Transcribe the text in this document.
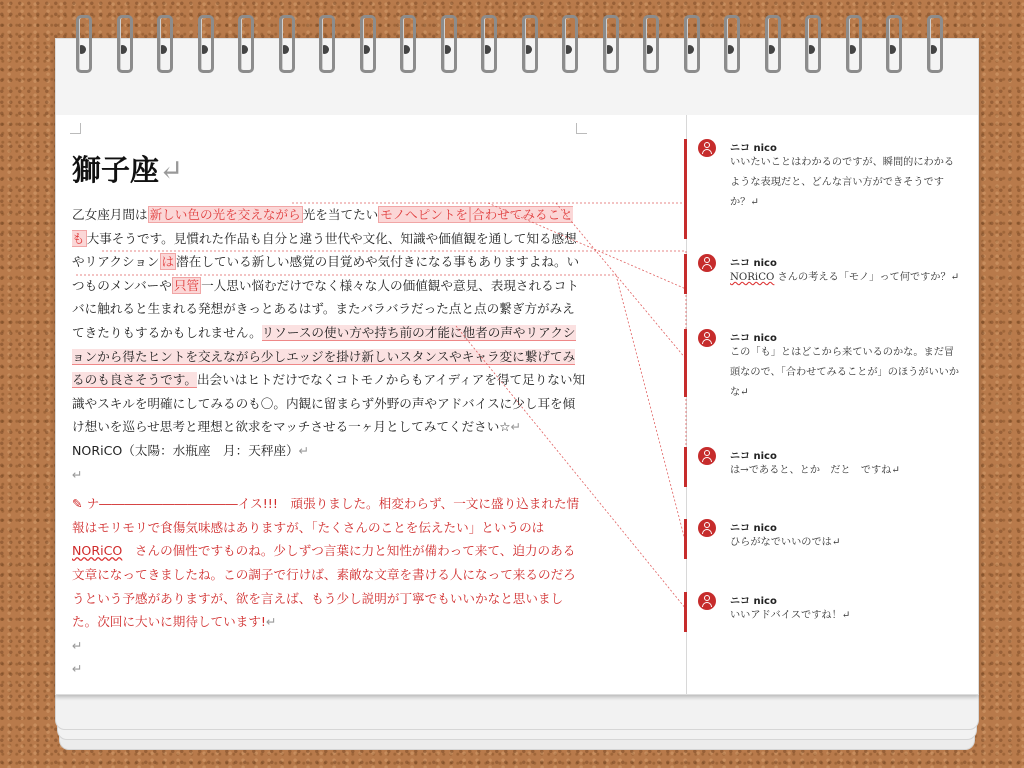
獅子座↵
乙女座月間は 新しい色の光を交えながら 光を当てたい モノへピントを 合わせてみることも 大事そうです。見慣れた作品も自分と違う世代や文化、知識や価値観を通して知る感想やリアクション は 潜在している新しい感覚の目覚めや気付きになる事もありますよね。いつものメンバーや 只管 一人思い悩むだけでなく様々な人の価値観や意見、表現されるコトバに触れると生まれる発想がきっとあるはず。またバラバラだった点と点の繋ぎ方がみえてきたりもするかもしれません。リソースの使い方や持ち前の才能に他者の声やリアクションから得たヒントを交えながら少しエッジを掛け新しいスタンスやキャラ変に繋げてみるのも良さそうです。出会いはヒトだけでなくコトモノからもアイディアを得て足りない知識やスキルを明確にしてみるのも〇。内観に留まらず外野の声やアドバイスに少し耳を傾け想いを巡らせ思考と理想と欲求をマッチさせる一ヶ月としてみてください☆↵
NORiCO（太陽：水瓶座　月：天秤座）↵
↵

✎ ナ―――――――――――イス!!!　頑張りました。相変わらず、一文に盛り込まれた情報はモリモリで食傷気味感はありますが、「たくさんのことを伝えたい」というのは　NORiCO　さんの個性ですものね。少しずつ言葉に力と知性が備わって来て、迫力のある文章になってきましたね。この調子で行けば、素敵な文章を書ける人になって来るのだろうという予感がありますが、欲を言えば、もう少し説明が丁寧でもいいかなと思いました。次回に大いに期待しています!↵
↵
↵
ニコ nico
いいたいことはわかるのですが、瞬間的にわかるような表現だと、どんな言い方ができそうですか？↵
ニコ nico
NORiCO さんの考える「モノ」って何ですか？↵
ニコ nico
この「も」とはどこから来ているのかな。まだ冒頭なので、「合わせてみることが」のほうがいいかな↵
ニコ nico
は→であると、とか　だと　ですね↵
ニコ nico
ひらがなでいいのでは↵
ニコ nico
いいアドバイスですね！↵
